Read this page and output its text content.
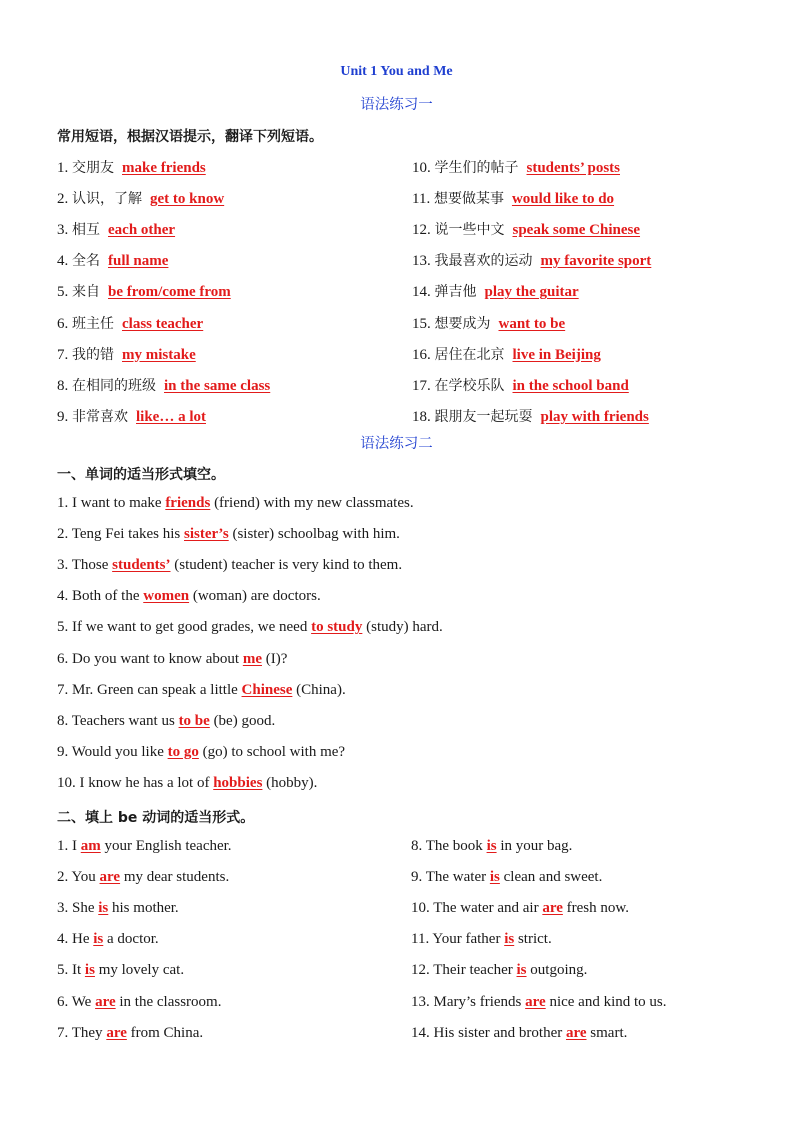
Unit 1 You and Me
语法练习一
常用短语，根据汉语提示，翻译下列短语。
1. 交朋友 make friends
2. 认识，了解 get to know
3. 相互 each other
4. 全名 full name
5. 来自 be from/come from
6. 班主任 class teacher
7. 我的错 my mistake
8. 在相同的班级 in the same class
9. 非常喜欢 like… a lot
10. 学生们的帖子 students’ posts
11. 想要做某事 would like to do
12. 说一些中文 speak some Chinese
13. 我最喜欢的运动 my favorite sport
14. 弹吉他 play the guitar
15. 想要成为 want to be
16. 居住在北京 live in Beijing
17. 在学校乐队 in the school band
18. 跟朋友一起玩耍 play with friends
语法练习二
一、单词的适当形式填空。
1. I want to make friends (friend) with my new classmates.
2. Teng Fei takes his sister’s (sister) schoolbag with him.
3. Those students’ (student) teacher is very kind to them.
4. Both of the women (woman) are doctors.
5. If we want to get good grades, we need to study (study) hard.
6. Do you want to know about me (I)?
7. Mr. Green can speak a little Chinese (China).
8. Teachers want us to be (be) good.
9. Would you like to go (go) to school with me?
10. I know he has a lot of hobbies (hobby).
二、填上 be 动词的适当形式。
1. I am your English teacher.
2. You are my dear students.
3. She is his mother.
4. He is a doctor.
5. It is my lovely cat.
6. We are in the classroom.
7. They are from China.
8. The book is in your bag.
9. The water is clean and sweet.
10. The water and air are fresh now.
11. Your father is strict.
12. Their teacher is outgoing.
13. Mary’s friends are nice and kind to us.
14. His sister and brother are smart.
